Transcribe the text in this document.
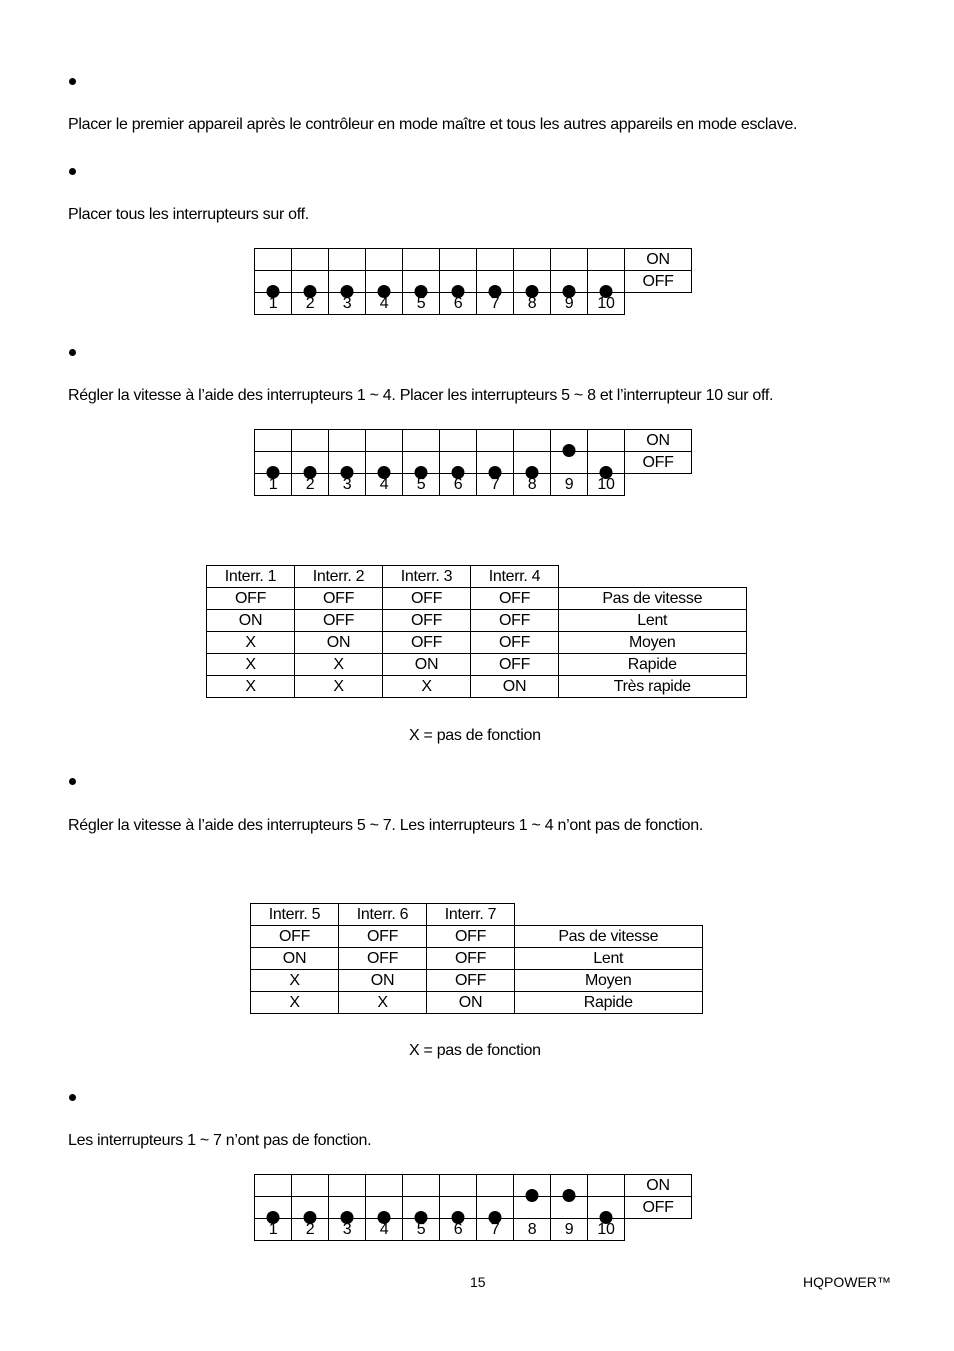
Placer le premier appareil après le contrôleur en mode maître et tous les autres appareils en mode esclave.
Placer tous les interrupteurs sur off.
										ON

	OFF
1	2	3	4	5	6	7	8	9	10	
Régler la vitesse à l’aide des interrupteurs 1 ~ 4. Placer les interrupteurs 5 ~ 8 et l’interrupteur 10 sur off.

		ON

	OFF
1	2	3	4	5	6	7	8	9	10	
Interr. 1	Interr. 2	Interr. 3	Interr. 4	
OFF	OFF	OFF	OFF	Pas de vitesse
ON	OFF	OFF	OFF	Lent
X	ON	OFF	OFF	Moyen
X	X	ON	OFF	Rapide
X	X	X	ON	Très rapide
X = pas de fonction
Régler la vitesse à l’aide des interrupteurs 5 ~ 7. Les interrupteurs 1 ~ 4 n’ont pas de fonction.
Interr. 5	Interr. 6	Interr. 7	
OFF	OFF	OFF	Pas de vitesse
ON	OFF	OFF	Lent
X	ON	OFF	Moyen
X	X	ON	Rapide
X = pas de fonction
Les interrupteurs 1 ~ 7 n’ont pas de fonction.

		ON

	OFF
1	2	3	4	5	6	7	8	9	10	
15	HQPOWER™
